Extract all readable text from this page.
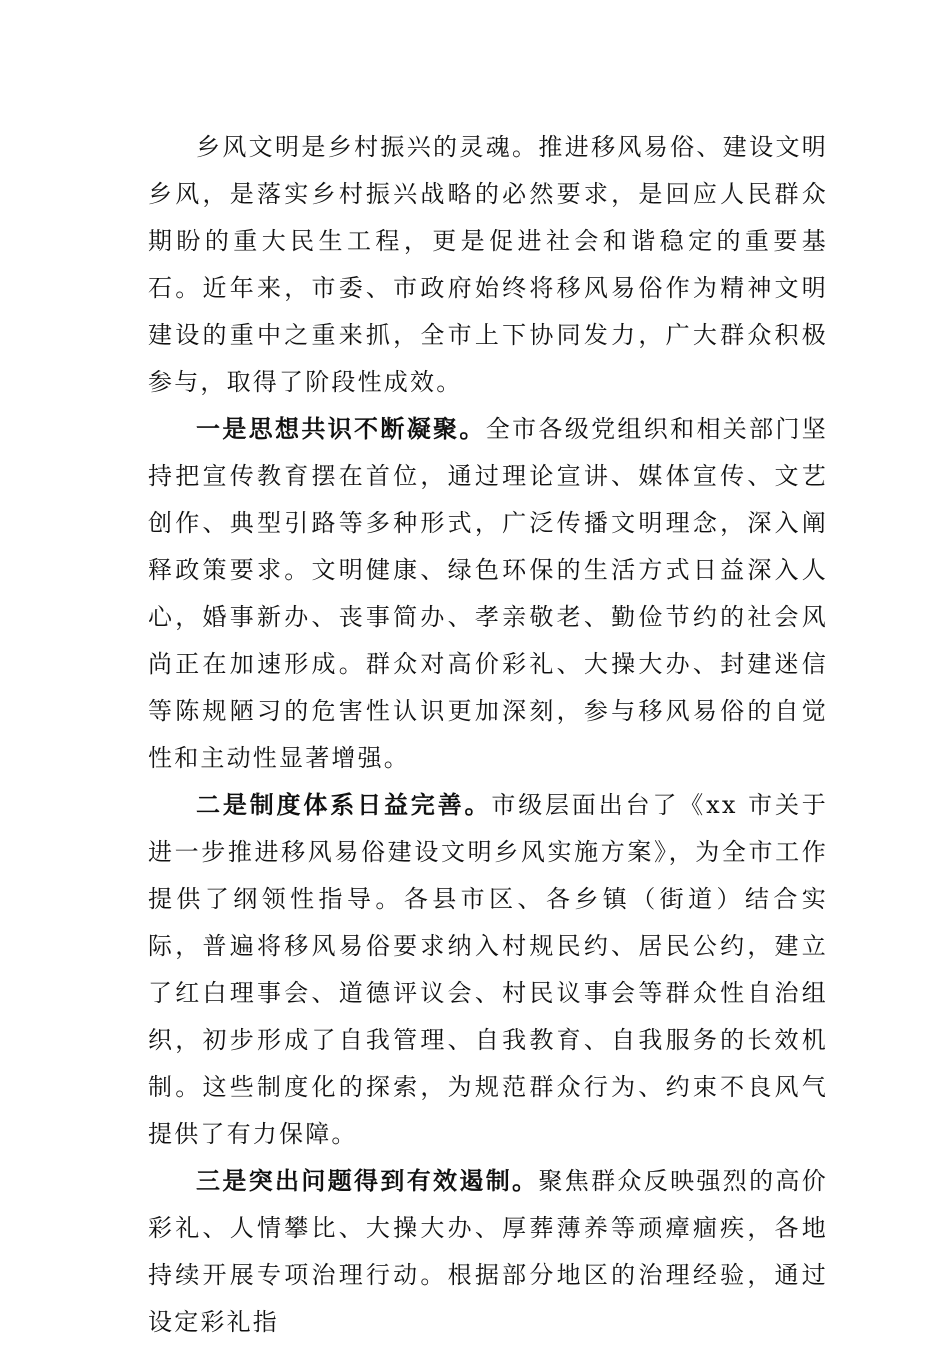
乡风文明是乡村振兴的灵魂。推进移风易俗、建设文明乡风，是落实乡村振兴战略的必然要求，是回应人民群众期盼的重大民生工程，更是促进社会和谐稳定的重要基石。近年来，市委、市政府始终将移风易俗作为精神文明建设的重中之重来抓，全市上下协同发力，广大群众积极参与，取得了阶段性成效。

一是思想共识不断凝聚。全市各级党组织和相关部门坚持把宣传教育摆在首位，通过理论宣讲、媒体宣传、文艺创作、典型引路等多种形式，广泛传播文明理念，深入阐释政策要求。文明健康、绿色环保的生活方式日益深入人心，婚事新办、丧事简办、孝亲敬老、勤俭节约的社会风尚正在加速形成。群众对高价彩礼、大操大办、封建迷信等陈规陋习的危害性认识更加深刻，参与移风易俗的自觉性和主动性显著增强。

二是制度体系日益完善。市级层面出台了《xx 市关于进一步推进移风易俗建设文明乡风实施方案》，为全市工作提供了纲领性指导。各县市区、各乡镇（街道）结合实际，普遍将移风易俗要求纳入村规民约、居民公约，建立了红白理事会、道德评议会、村民议事会等群众性自治组织，初步形成了自我管理、自我教育、自我服务的长效机制。这些制度化的探索，为规范群众行为、约束不良风气提供了有力保障。

三是突出问题得到有效遏制。聚焦群众反映强烈的高价彩礼、人情攀比、大操大办、厚葬薄养等顽瘴痼疾，各地持续开展专项治理行动。根据部分地区的治理经验，通过设定彩礼指
